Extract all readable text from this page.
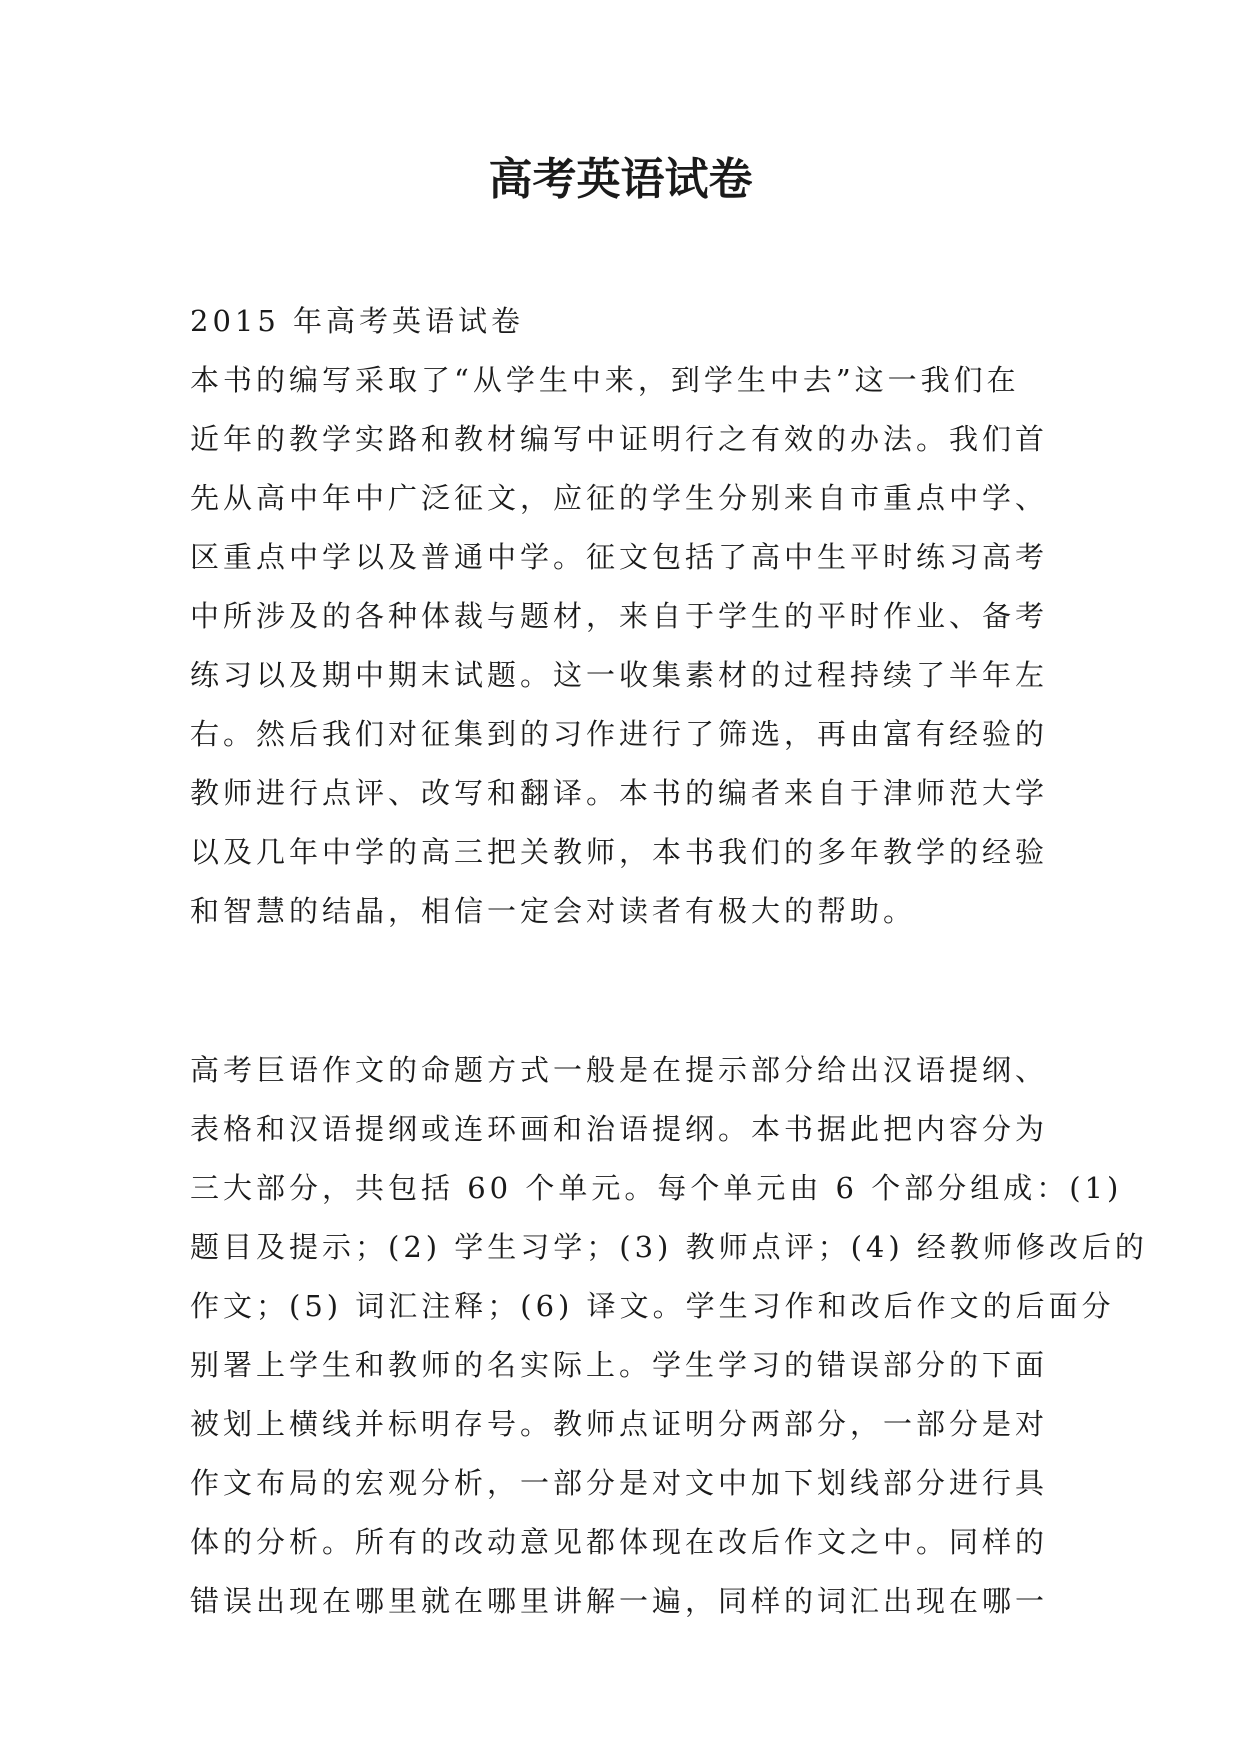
高考英语试卷
2015 年高考英语试卷
本书的编写采取了“从学生中来，到学生中去”这一我们在
近年的教学实路和教材编写中证明行之有效的办法。我们首
先从高中年中广泛征文，应征的学生分别来自市重点中学、
区重点中学以及普通中学。征文包括了高中生平时练习高考
中所涉及的各种体裁与题材，来自于学生的平时作业、备考
练习以及期中期末试题。这一收集素材的过程持续了半年左
右。然后我们对征集到的习作进行了筛选，再由富有经验的
教师进行点评、改写和翻译。本书的编者来自于津师范大学
以及几年中学的高三把关教师，本书我们的多年教学的经验
和智慧的结晶，相信一定会对读者有极大的帮助。
高考巨语作文的命题方式一般是在提示部分给出汉语提纲、
表格和汉语提纲或连环画和治语提纲。本书据此把内容分为
三大部分，共包括 60 个单元。每个单元由 6 个部分组成：(1)
题目及提示；(2) 学生习学；(3) 教师点评；(4) 经教师修改后的
作文；(5) 词汇注释；(6) 译文。学生习作和改后作文的后面分
别署上学生和教师的名实际上。学生学习的错误部分的下面
被划上横线并标明存号。教师点证明分两部分，一部分是对
作文布局的宏观分析，一部分是对文中加下划线部分进行具
体的分析。所有的改动意见都体现在改后作文之中。同样的
错误出现在哪里就在哪里讲解一遍，同样的词汇出现在哪一
